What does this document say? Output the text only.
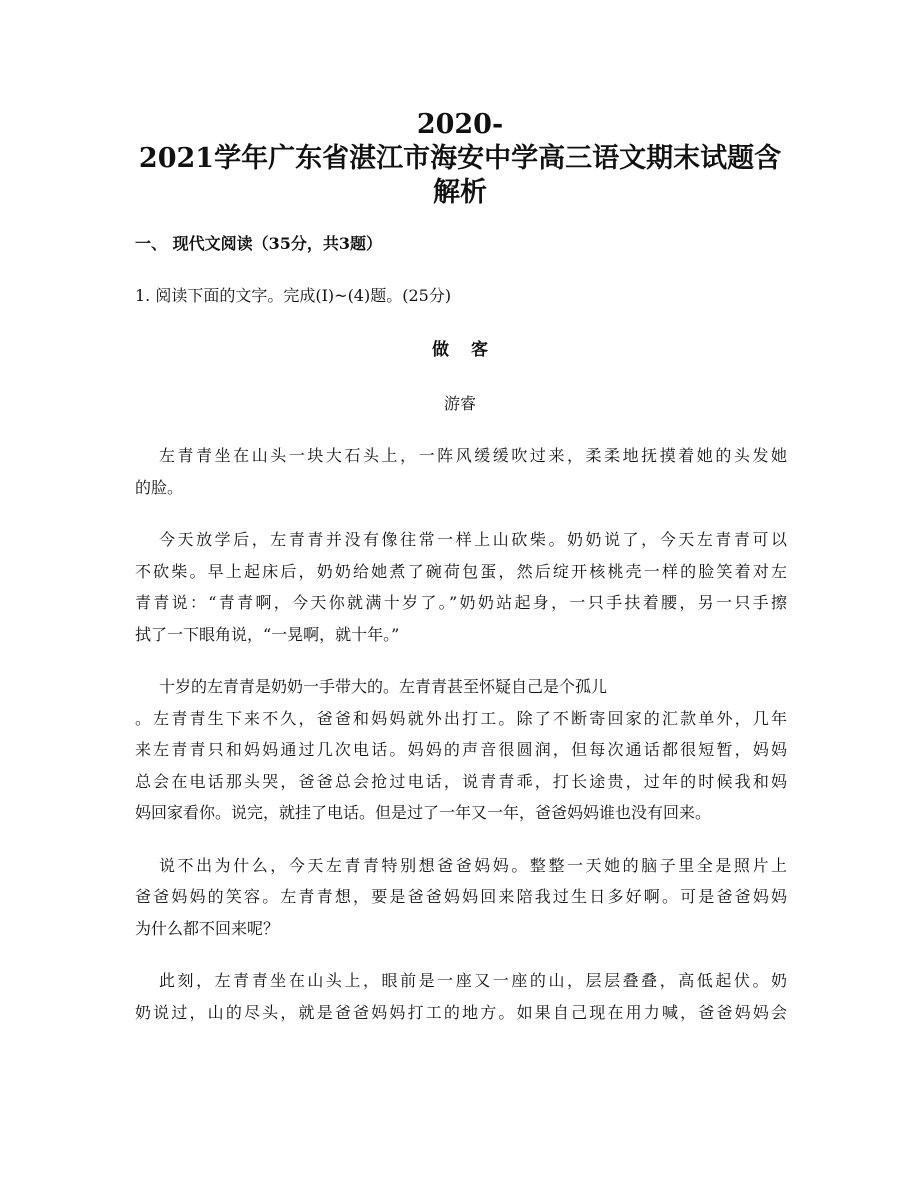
2020-
2021学年广东省湛江市海安中学高三语文期末试题含
解析
一、 现代文阅读（35分，共3题）

1. 阅读下面的文字。完成(I)~(4)题。(25分)

做客

游睿

左青青坐在山头一块大石头上，一阵风缓缓吹过来，柔柔地抚摸着她的头发她
的脸。

今天放学后，左青青并没有像往常一样上山砍柴。奶奶说了，今天左青青可以
不砍柴。早上起床后，奶奶给她煮了碗荷包蛋，然后绽开核桃壳一样的脸笑着对左
青青说：“青青啊，今天你就满十岁了。”奶奶站起身，一只手扶着腰，另一只手擦
拭了一下眼角说，“一晃啊，就十年。”

十岁的左青青是奶奶一手带大的。左青青甚至怀疑自己是个孤儿
。左青青生下来不久，爸爸和妈妈就外出打工。除了不断寄回家的汇款单外，几年
来左青青只和妈妈通过几次电话。妈妈的声音很圆润，但每次通话都很短暂，妈妈
总会在电话那头哭，爸爸总会抢过电话，说青青乖，打长途贵，过年的时候我和妈
妈回家看你。说完，就挂了电话。但是过了一年又一年，爸爸妈妈谁也没有回来。

说不出为什么，今天左青青特别想爸爸妈妈。整整一天她的脑子里全是照片上
爸爸妈妈的笑容。左青青想，要是爸爸妈妈回来陪我过生日多好啊。可是爸爸妈妈
为什么都不回来呢？

此刻，左青青坐在山头上，眼前是一座又一座的山，层层叠叠，高低起伏。奶
奶说过，山的尽头，就是爸爸妈妈打工的地方。如果自己现在用力喊，爸爸妈妈会
